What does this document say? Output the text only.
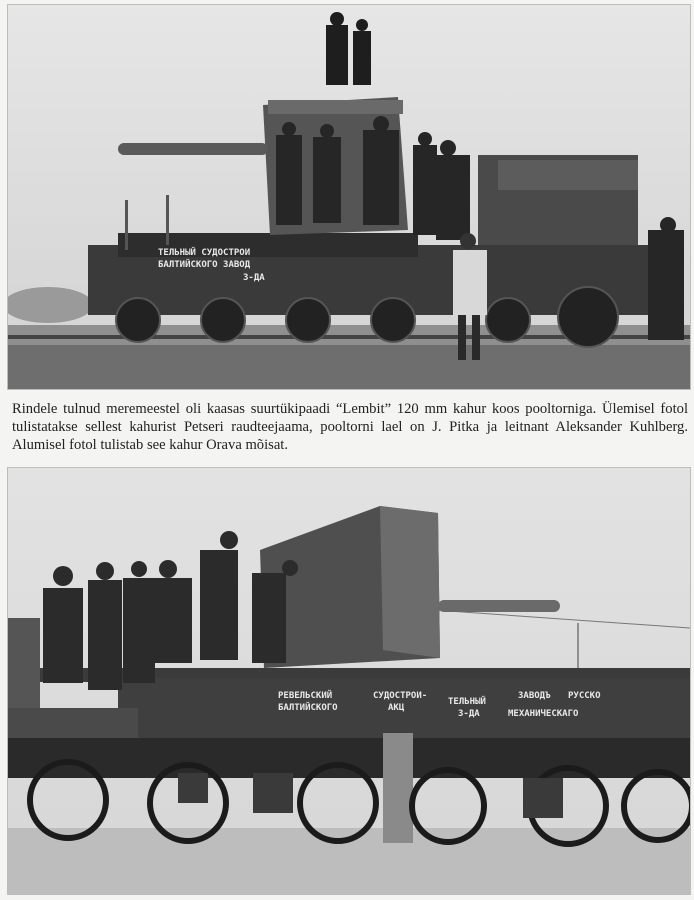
ТЕЛЬНЫЙ СУДОСТРОИ
БАЛТИЙСКОГО ЗАВОД
З-ДА
Rindele tulnud meremeestel oli kaasas suurtükipaadi “Lembit” 120 mm kahur koos pooltorniga. Ülemisel fotol tulistatakse sellest kahurist Petseri raudteejaama, pooltorni lael on J. Pitka ja leitnant Aleksander Kuhlberg. Alumisel fotol tulistab see kahur Orava mõisat.
РЕВЕЛЬСКИЙ
БАЛТИЙСКОГО
СУДОСТРОИ-
АКЦ
ТЕЛЬНЫЙ
ЗАВОДЪ РУССКО
З-ДА	МЕХАНИЧЕСКАГО
